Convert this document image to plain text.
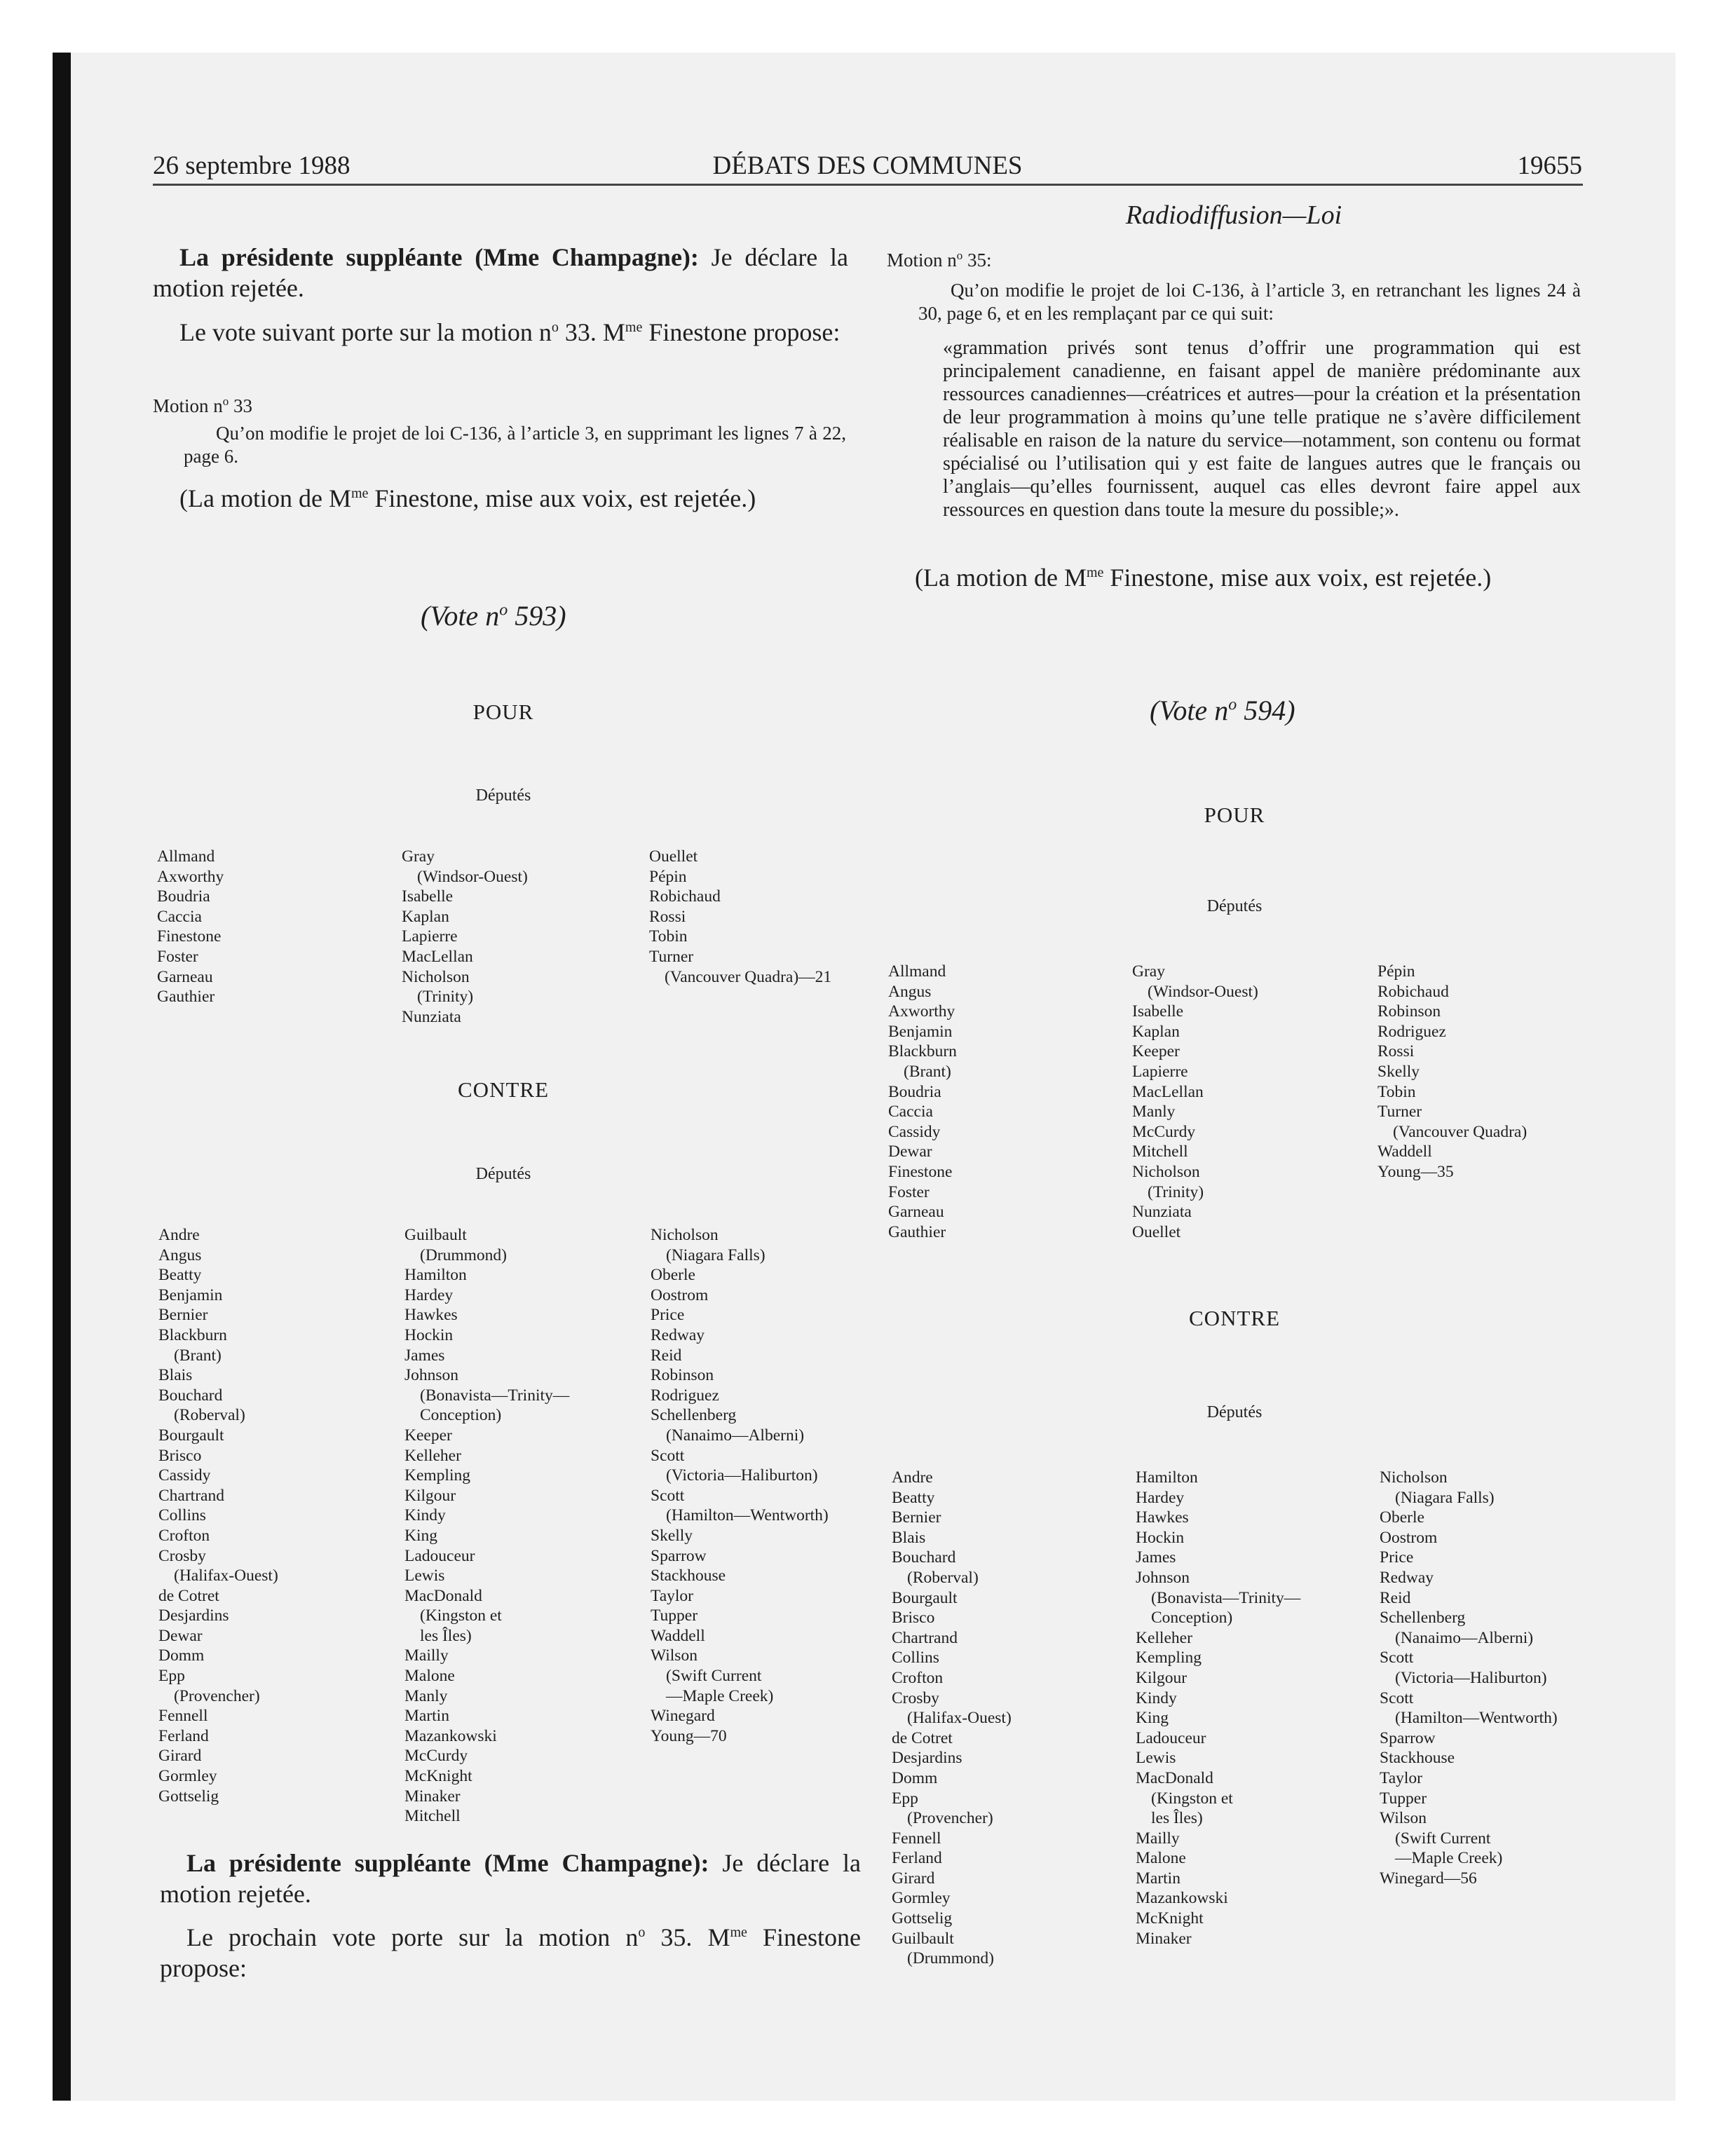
26 septembre 1988	DÉBATS DES COMMUNES	19655
Radiodiffusion—Loi
La présidente suppléante (Mme Champagne): Je déclare la motion rejetée.
Le vote suivant porte sur la motion $n^o$ 33. $M^{me}$ Finestone propose:
Motion $n^o$ 33
Qu’on modifie le projet de loi C-136, à l’article 3, en supprimant les lignes 7 à 22, page 6.
(La motion de $M^{me}$ Finestone, mise aux voix, est rejetée.)
(Vote $n^o$ 593)
POUR
Députés
Allmand
Axworthy
Boudria
Caccia
Finestone
Foster
Garneau
Gauthier
Gray
(Windsor-Ouest)
Isabelle
Kaplan
Lapierre
MacLellan
Nicholson
(Trinity)
Nunziata
Ouellet
Pépin
Robichaud
Rossi
Tobin
Turner
(Vancouver Quadra)—21
CONTRE
Députés
Andre
Angus
Beatty
Benjamin
Bernier
Blackburn
(Brant)
Blais
Bouchard
(Roberval)
Bourgault
Brisco
Cassidy
Chartrand
Collins
Crofton
Crosby
(Halifax-Ouest)
de Cotret
Desjardins
Dewar
Domm
Epp
(Provencher)
Fennell
Ferland
Girard
Gormley
Gottselig
Guilbault
(Drummond)
Hamilton
Hardey
Hawkes
Hockin
James
Johnson
(Bonavista—Trinity—
Conception)
Keeper
Kelleher
Kempling
Kilgour
Kindy
King
Ladouceur
Lewis
MacDonald
(Kingston et
les Îles)
Mailly
Malone
Manly
Martin
Mazankowski
McCurdy
McKnight
Minaker
Mitchell
Nicholson
(Niagara Falls)
Oberle
Oostrom
Price
Redway
Reid
Robinson
Rodriguez
Schellenberg
(Nanaimo—Alberni)
Scott
(Victoria—Haliburton)
Scott
(Hamilton—Wentworth)
Skelly
Sparrow
Stackhouse
Taylor
Tupper
Waddell
Wilson
(Swift Current
—Maple Creek)
Winegard
Young—70
La présidente suppléante (Mme Champagne): Je déclare la motion rejetée.
Le prochain vote porte sur la motion $n^o$ 35. $M^{me}$ Finestone propose:
Motion $n^o$ 35:
Qu’on modifie le projet de loi C-136, à l’article 3, en retranchant les lignes 24 à 30, page 6, et en les remplaçant par ce qui suit:
«grammation privés sont tenus d’offrir une programmation qui est principalement canadienne, en faisant appel de manière prédominante aux ressources canadiennes—créatrices et autres—pour la création et la présentation de leur programmation à moins qu’une telle pratique ne s’avère difficilement réalisable en raison de la nature du service—notamment, son contenu ou format spécialisé ou l’utilisation qui y est faite de langues autres que le français ou l’anglais—qu’elles fournissent, auquel cas elles devront faire appel aux ressources en question dans toute la mesure du possible;».
(La motion de $M^{me}$ Finestone, mise aux voix, est rejetée.)
(Vote $n^o$ 594)
POUR
Députés
Allmand
Angus
Axworthy
Benjamin
Blackburn
(Brant)
Boudria
Caccia
Cassidy
Dewar
Finestone
Foster
Garneau
Gauthier
Gray
(Windsor-Ouest)
Isabelle
Kaplan
Keeper
Lapierre
MacLellan
Manly
McCurdy
Mitchell
Nicholson
(Trinity)
Nunziata
Ouellet
Pépin
Robichaud
Robinson
Rodriguez
Rossi
Skelly
Tobin
Turner
(Vancouver Quadra)
Waddell
Young—35
CONTRE
Députés
Andre
Beatty
Bernier
Blais
Bouchard
(Roberval)
Bourgault
Brisco
Chartrand
Collins
Crofton
Crosby
(Halifax-Ouest)
de Cotret
Desjardins
Domm
Epp
(Provencher)
Fennell
Ferland
Girard
Gormley
Gottselig
Guilbault
(Drummond)
Hamilton
Hardey
Hawkes
Hockin
James
Johnson
(Bonavista—Trinity—
Conception)
Kelleher
Kempling
Kilgour
Kindy
King
Ladouceur
Lewis
MacDonald
(Kingston et
les Îles)
Mailly
Malone
Martin
Mazankowski
McKnight
Minaker
Nicholson
(Niagara Falls)
Oberle
Oostrom
Price
Redway
Reid
Schellenberg
(Nanaimo—Alberni)
Scott
(Victoria—Haliburton)
Scott
(Hamilton—Wentworth)
Sparrow
Stackhouse
Taylor
Tupper
Wilson
(Swift Current
—Maple Creek)
Winegard—56
